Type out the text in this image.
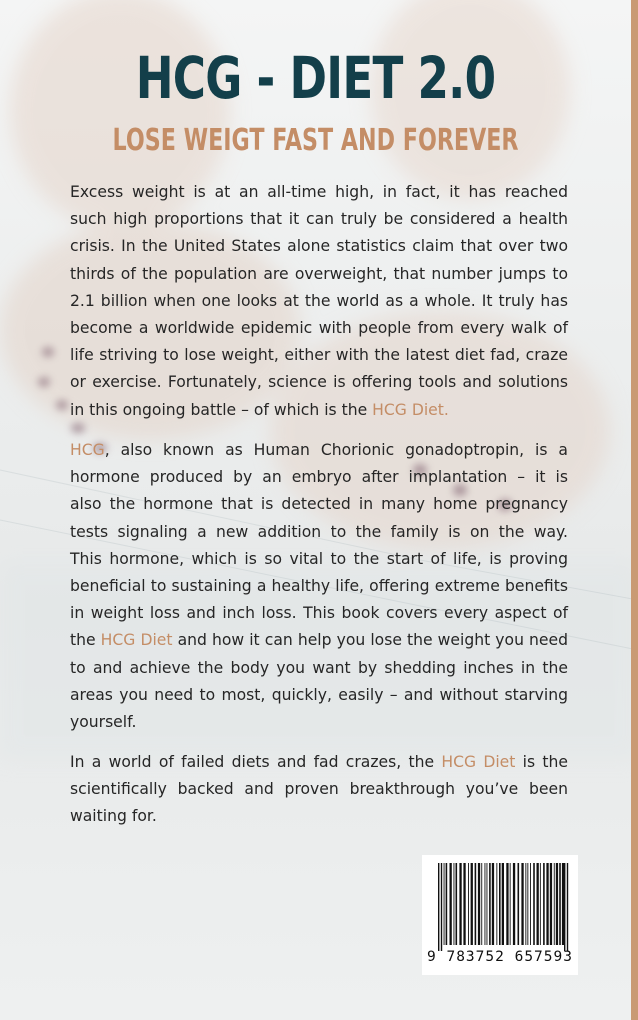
HCG - DIET 2.0
LOSE WEIGT FAST AND FOREVER

Excess weight is at an all-time high, in fact, it has reached
such high proportions that it can truly be considered a health
crisis. In the United States alone statistics claim that over two
thirds of the population are overweight, that number jumps to
2.1 billion when one looks at the world as a whole. It truly has
become a worldwide epidemic with people from every walk of
life striving to lose weight, either with the latest diet fad, craze
or exercise. Fortunately, science is offering tools and solutions
in this ongoing battle – of which is the HCG Diet.

HCG, also known as Human Chorionic gonadoptropin, is a
hormone produced by an embryo after implantation – it is
also the hormone that is detected in many home pregnancy
tests signaling a new addition to the family is on the way.
This hormone, which is so vital to the start of life, is proving
beneficial to sustaining a healthy life, offering extreme benefits
in weight loss and inch loss. This book covers every aspect of
the HCG Diet and how it can help you lose the weight you need
to and achieve the body you want by shedding inches in the
areas you need to most, quickly, easily – and without starving
yourself.

In a world of failed diets and fad crazes, the HCG Diet is the
scientifically backed and proven breakthrough you’ve been
waiting for.

9 783752 657593
